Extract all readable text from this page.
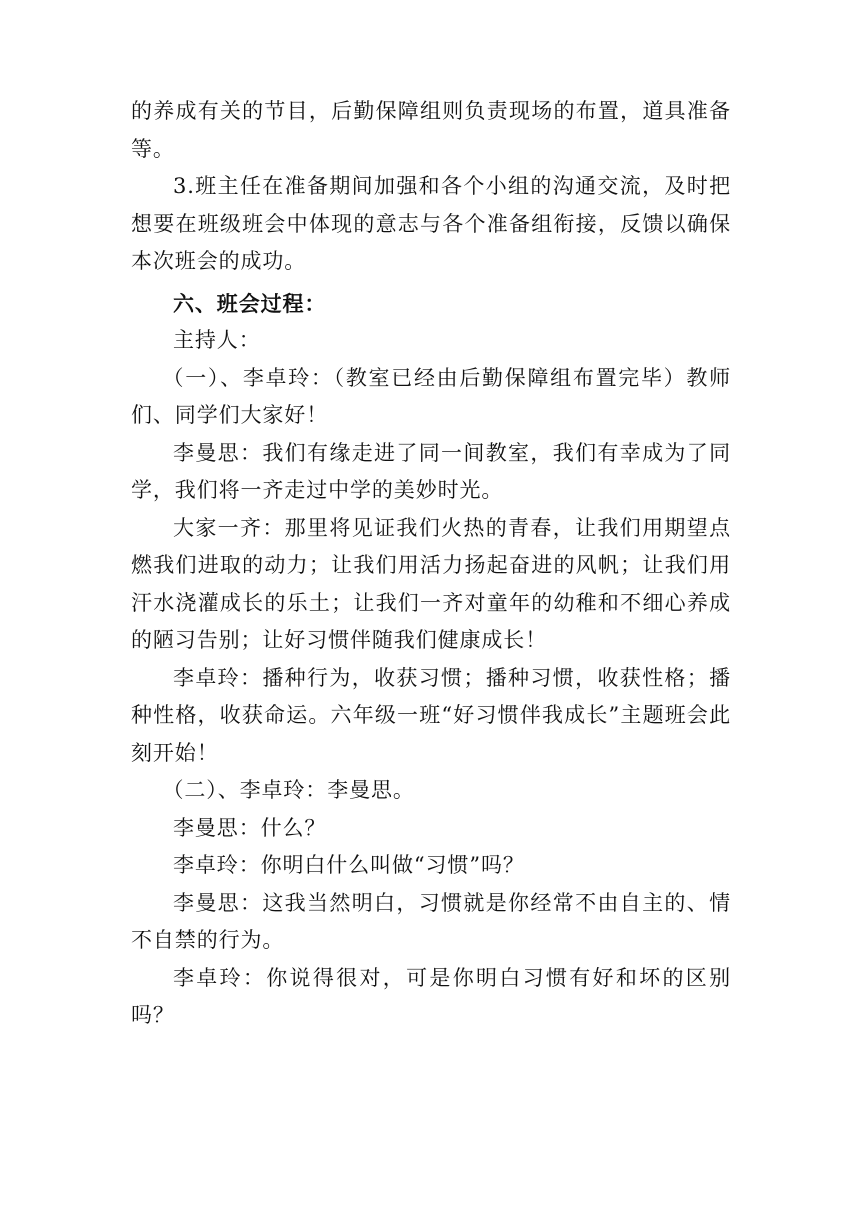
的养成有关的节目，后勤保障组则负责现场的布置，道具准备等。

3.班主任在准备期间加强和各个小组的沟通交流，及时把想要在班级班会中体现的意志与各个准备组衔接，反馈以确保本次班会的成功。

六、班会过程：

主持人：

（一）、李卓玲：（教室已经由后勤保障组布置完毕）教师们、同学们大家好！

李曼思：我们有缘走进了同一间教室，我们有幸成为了同学，我们将一齐走过中学的美妙时光。

大家一齐：那里将见证我们火热的青春，让我们用期望点燃我们进取的动力；让我们用活力扬起奋进的风帆；让我们用汗水浇灌成长的乐土；让我们一齐对童年的幼稚和不细心养成的陋习告别；让好习惯伴随我们健康成长！

李卓玲：播种行为，收获习惯；播种习惯，收获性格；播种性格，收获命运。六年级一班“好习惯伴我成长”主题班会此刻开始！

（二）、李卓玲：李曼思。

李曼思：什么？

李卓玲：你明白什么叫做“习惯”吗？

李曼思：这我当然明白，习惯就是你经常不由自主的、情不自禁的行为。

李卓玲：你说得很对，可是你明白习惯有好和坏的区别吗？
